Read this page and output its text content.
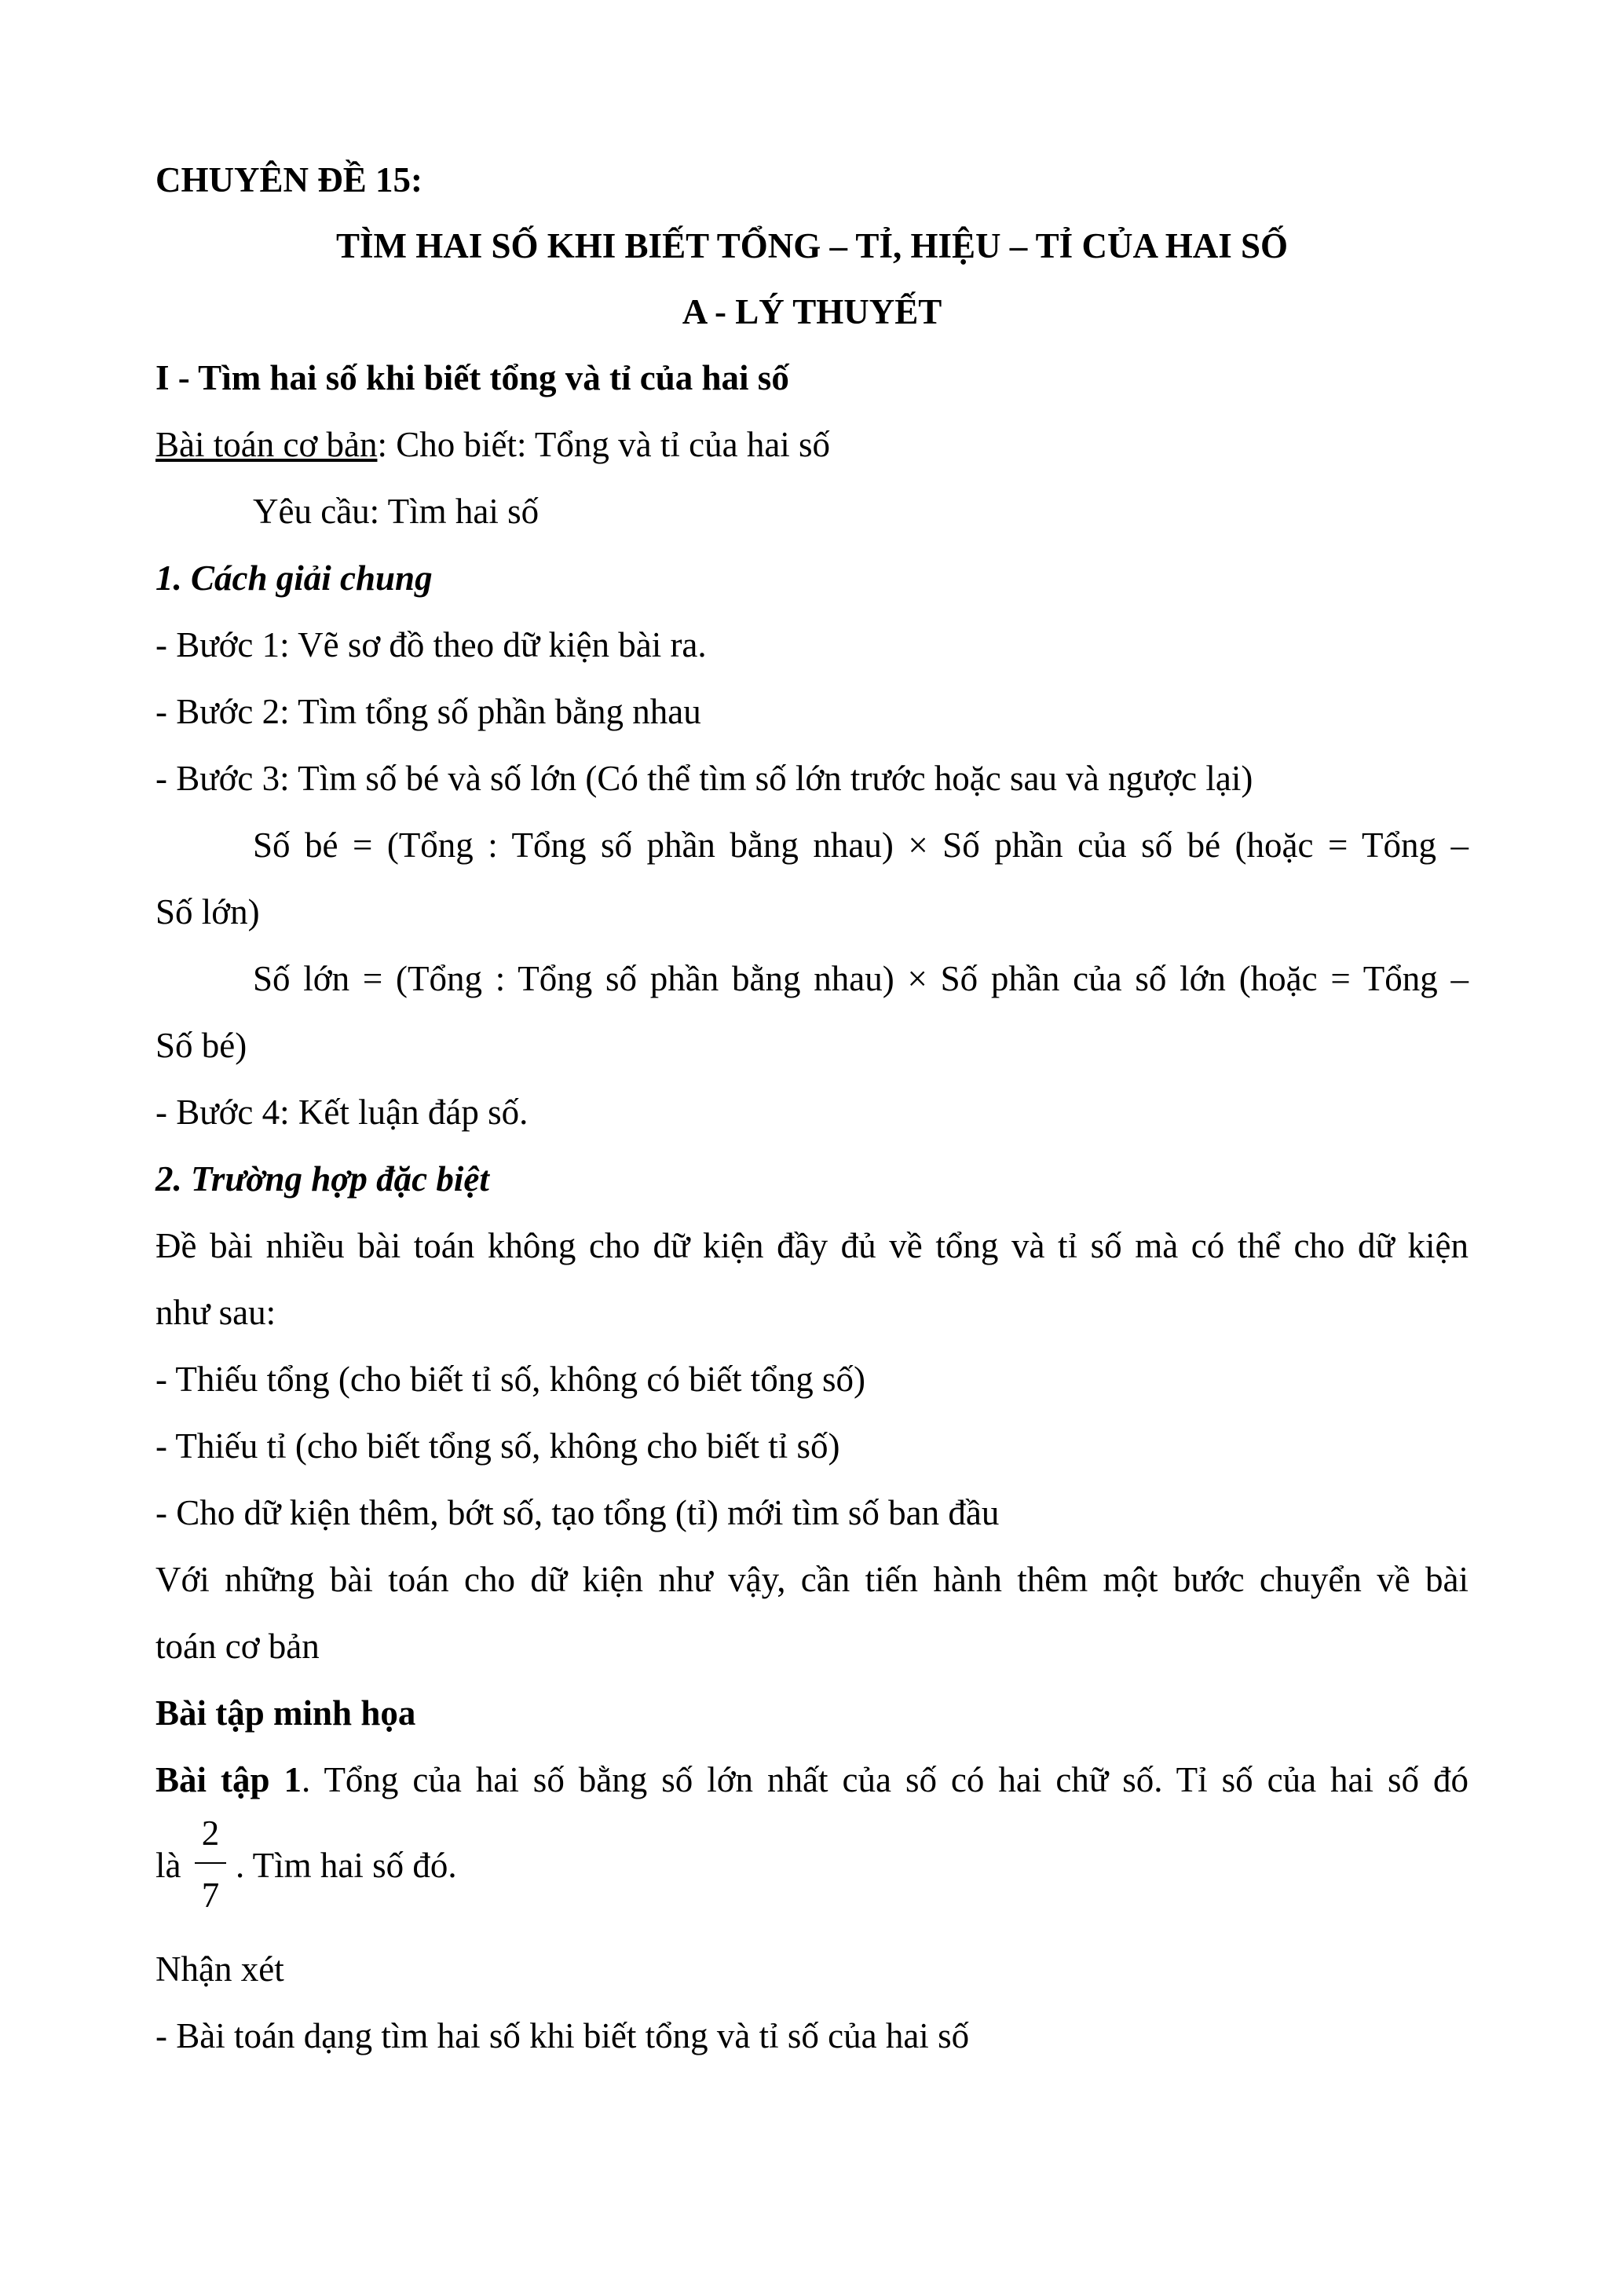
CHUYÊN ĐỀ 15:
TÌM HAI SỐ KHI BIẾT TỔNG – TỈ, HIỆU – TỈ CỦA HAI SỐ
A - LÝ THUYẾT
I - Tìm hai số khi biết tổng và tỉ của hai số
Bài toán cơ bản: Cho biết: Tổng và tỉ của hai số
Yêu cầu: Tìm hai số
1. Cách giải chung
- Bước 1: Vẽ sơ đồ theo dữ kiện bài ra.
- Bước 2: Tìm tổng số phần bằng nhau
- Bước 3: Tìm số bé và số lớn (Có thể tìm số lớn trước hoặc sau và ngược lại)
Số bé = (Tổng : Tổng số phần bằng nhau) × Số phần của số bé (hoặc = Tổng –
Số lớn)
Số lớn = (Tổng : Tổng số phần bằng nhau) × Số phần của số lớn (hoặc = Tổng –
Số bé)
- Bước 4: Kết luận đáp số.
2. Trường hợp đặc biệt
Đề bài nhiều bài toán không cho dữ kiện đầy đủ về tổng và tỉ số mà có thể cho dữ kiện
như sau:
- Thiếu tổng (cho biết tỉ số, không có biết tổng số)
- Thiếu tỉ (cho biết tổng số, không cho biết tỉ số)
- Cho dữ kiện thêm, bớt số, tạo tổng (tỉ) mới tìm số ban đầu
Với những bài toán cho dữ kiện như vậy, cần tiến hành thêm một bước chuyển về bài
toán cơ bản
Bài tập minh họa
Bài tập 1. Tổng của hai số bằng số lớn nhất của số có hai chữ số. Tỉ số của hai số đó
là
2
7
. Tìm hai số đó.
Nhận xét
- Bài toán dạng tìm hai số khi biết tổng và tỉ số của hai số
